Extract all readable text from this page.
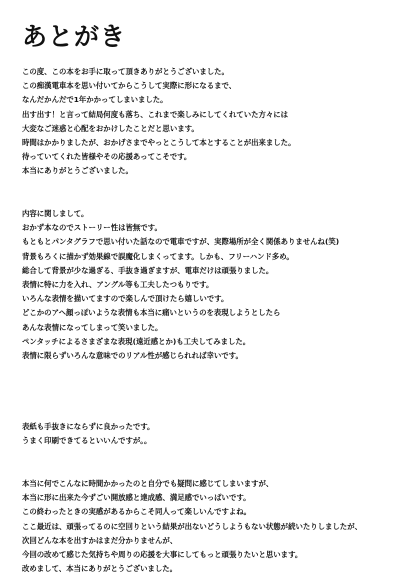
あとがき
この度、この本をお手に取って頂きありがとうございました。
この痴漢電車本を思い付いてからこうして実際に形になるまで、
なんだかんだで1年かかってしまいました。
出す出す！と言って結局何度も落ち、これまで楽しみにしてくれていた方々には
大変なご迷惑と心配をおかけしたことだと思います。
時間はかかりましたが、おかげさまでやっとこうして本とすることが出来ました。
待っていてくれた皆様やその応援あってこそです。
本当にありがとうございました。
内容に関しまして。
おかず本なのでストーリー性は皆無です。
もともとパンタグラフで思い付いた話なので電車ですが、実際場所が全く関係ありませんね(笑)
背景もろくに描かず効果線で誤魔化しまくってます。しかも、フリーハンド多め。
総合して背景が少な過ぎる、手抜き過ぎますが、電車だけは頑張りました。
表情に特に力を入れ、アングル等も工夫したつもりです。
いろんな表情を描いてますので楽しんで頂けたら嬉しいです。
どこかのアヘ顔っぽいような表情も本当に痛いというのを表現しようとしたら
あんな表情になってしまって笑いました。
ペンタッチによるさまざまな表現(遠近感とか)も工夫してみました。
表情に限らずいろんな意味でのリアル性が感じられれば幸いです。
表紙も手抜きにならずに良かったです。
うまく印刷できてるといいんですが。。
本当に何でこんなに時間かかったのと自分でも疑問に感じてしまいますが、
本当に形に出来た今ずごい開放感と達成感、満足感でいっぱいです。
この終わったときの実感があるからこそ同人って楽しいんですよね。
ここ最近は、頑張ってるのに空回りという結果が出ないどうしようもない状態が続いたりしましたが、
次回どんな本を出すかはまだ分かりませんが、
今回の改めて感じた気持ちや周りの応援を大事にしてもっと頑張りたいと思います。
改めまして、本当にありがとうございました。
